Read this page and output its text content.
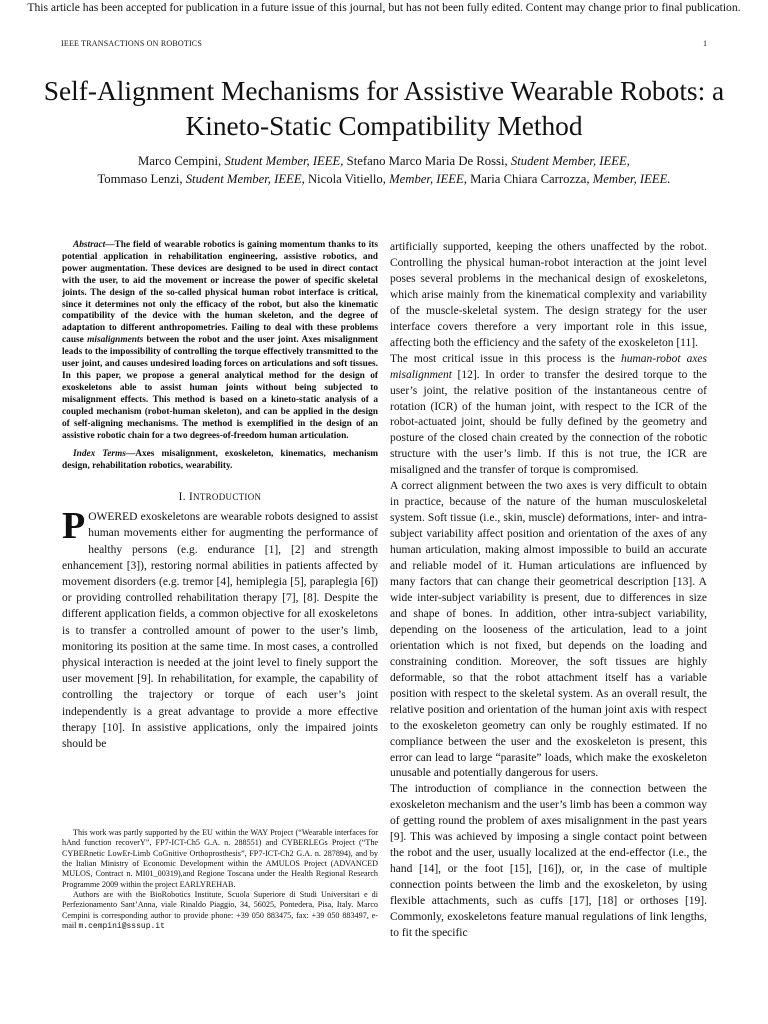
This article has been accepted for publication in a future issue of this journal, but has not been fully edited. Content may change prior to final publication.
IEEE TRANSACTIONS ON ROBOTICS	1
Self-Alignment Mechanisms for Assistive Wearable Robots: a Kineto-Static Compatibility Method
Marco Cempini, Student Member, IEEE, Stefano Marco Maria De Rossi, Student Member, IEEE,
Tommaso Lenzi, Student Member, IEEE, Nicola Vitiello, Member, IEEE, Maria Chiara Carrozza, Member, IEEE.

Abstract—The field of wearable robotics is gaining momentum thanks to its potential application in rehabilitation engineering, assistive robotics, and power augmentation. These devices are designed to be used in direct contact with the user, to aid the movement or increase the power of specific skeletal joints. The design of the so-called physical human robot interface is critical, since it determines not only the efficacy of the robot, but also the kinematic compatibility of the device with the human skeleton, and the degree of adaptation to different anthropometries. Failing to deal with these problems cause misalignments between the robot and the user joint. Axes misalignment leads to the impossibility of controlling the torque effectively transmitted to the user joint, and causes undesired loading forces on articulations and soft tissues. In this paper, we propose a general analytical method for the design of exoskeletons able to assist human joints without being subjected to misalignment effects. This method is based on a kineto-static analysis of a coupled mechanism (robot-human skeleton), and can be applied in the design of self-aligning mechanisms. The method is exemplified in the design of an assistive robotic chain for a two degrees-of-freedom human articulation.

Index Terms—Axes misalignment, exoskeleton, kinematics, mechanism design, rehabilitation robotics, wearability.

I. INTRODUCTION

POWERED exoskeletons are wearable robots designed to assist human movements either for augmenting the performance of healthy persons (e.g. endurance [1], [2] and strength enhancement [3]), restoring normal abilities in patients affected by movement disorders (e.g. tremor [4], hemiplegia [5], paraplegia [6]) or providing controlled rehabilitation therapy [7], [8]. Despite the different application fields, a common objective for all exoskeletons is to transfer a controlled amount of power to the user’s limb, monitoring its position at the same time. In most cases, a controlled physical interaction is needed at the joint level to finely support the user movement [9]. In rehabilitation, for example, the capability of controlling the trajectory or torque of each user’s joint independently is a great advantage to provide a more effective therapy [10]. In assistive applications, only the impaired joints should be

This work was partly supported by the EU within the WAY Project (“Wearable interfaces for hAnd function recoverY”, FP7-ICT-Ch5 G.A. n. 288551) and CYBERLEGs Project (“The CYBERnetic LowEr-Limb CoGnitive Orthoprosthesis”, FP7-ICT-Ch2 G.A. n. 287894), and by the Italian Ministry of Economic Development within the AMULOS Project (ADVANCED MULOS, Contract n. MI01_00319),and Regione Toscana under the Health Regional Research Programme 2009 within the project EARLYREHAB.

Authors are with the BioRobotics Institute, Scuola Superiore di Studi Universitari e di Perfezionamento Sant’Anna, viale Rinaldo Piaggio, 34, 56025, Pontedera, Pisa, Italy. Marco Cempini is corresponding author to provide phone: +39 050 883475, fax: +39 050 883497, e-mail m.cempini@sssup.it

artificially supported, keeping the others unaffected by the robot. Controlling the physical human-robot interaction at the joint level poses several problems in the mechanical design of exoskeletons, which arise mainly from the kinematical complexity and variability of the muscle-skeletal system. The design strategy for the user interface covers therefore a very important role in this issue, affecting both the efficiency and the safety of the exoskeleton [11].

The most critical issue in this process is the human-robot axes misalignment [12]. In order to transfer the desired torque to the user’s joint, the relative position of the instantaneous centre of rotation (ICR) of the human joint, with respect to the ICR of the robot-actuated joint, should be fully defined by the geometry and posture of the closed chain created by the connection of the robotic structure with the user’s limb. If this is not true, the ICR are misaligned and the transfer of torque is compromised.

A correct alignment between the two axes is very difficult to obtain in practice, because of the nature of the human musculoskeletal system. Soft tissue (i.e., skin, muscle) deformations, inter- and intra-subject variability affect position and orientation of the axes of any human articulation, making almost impossible to build an accurate and reliable model of it. Human articulations are influenced by many factors that can change their geometrical description [13]. A wide inter-subject variability is present, due to differences in size and shape of bones. In addition, other intra-subject variability, depending on the looseness of the articulation, lead to a joint orientation which is not fixed, but depends on the loading and constraining condition. Moreover, the soft tissues are highly deformable, so that the robot attachment itself has a variable position with respect to the skeletal system. As an overall result, the relative position and orientation of the human joint axis with respect to the exoskeleton geometry can only be roughly estimated. If no compliance between the user and the exoskeleton is present, this error can lead to large “parasite” loads, which make the exoskeleton unusable and potentially dangerous for users.

The introduction of compliance in the connection between the exoskeleton mechanism and the user’s limb has been a common way of getting round the problem of axes misalignment in the past years [9]. This was achieved by imposing a single contact point between the robot and the user, usually localized at the end-effector (i.e., the hand [14], or the foot [15], [16]), or, in the case of multiple connection points between the limb and the exoskeleton, by using flexible attachments, such as cuffs [17], [18] or orthoses [19]. Commonly, exoskeletons feature manual regulations of link lengths, to fit the specific
